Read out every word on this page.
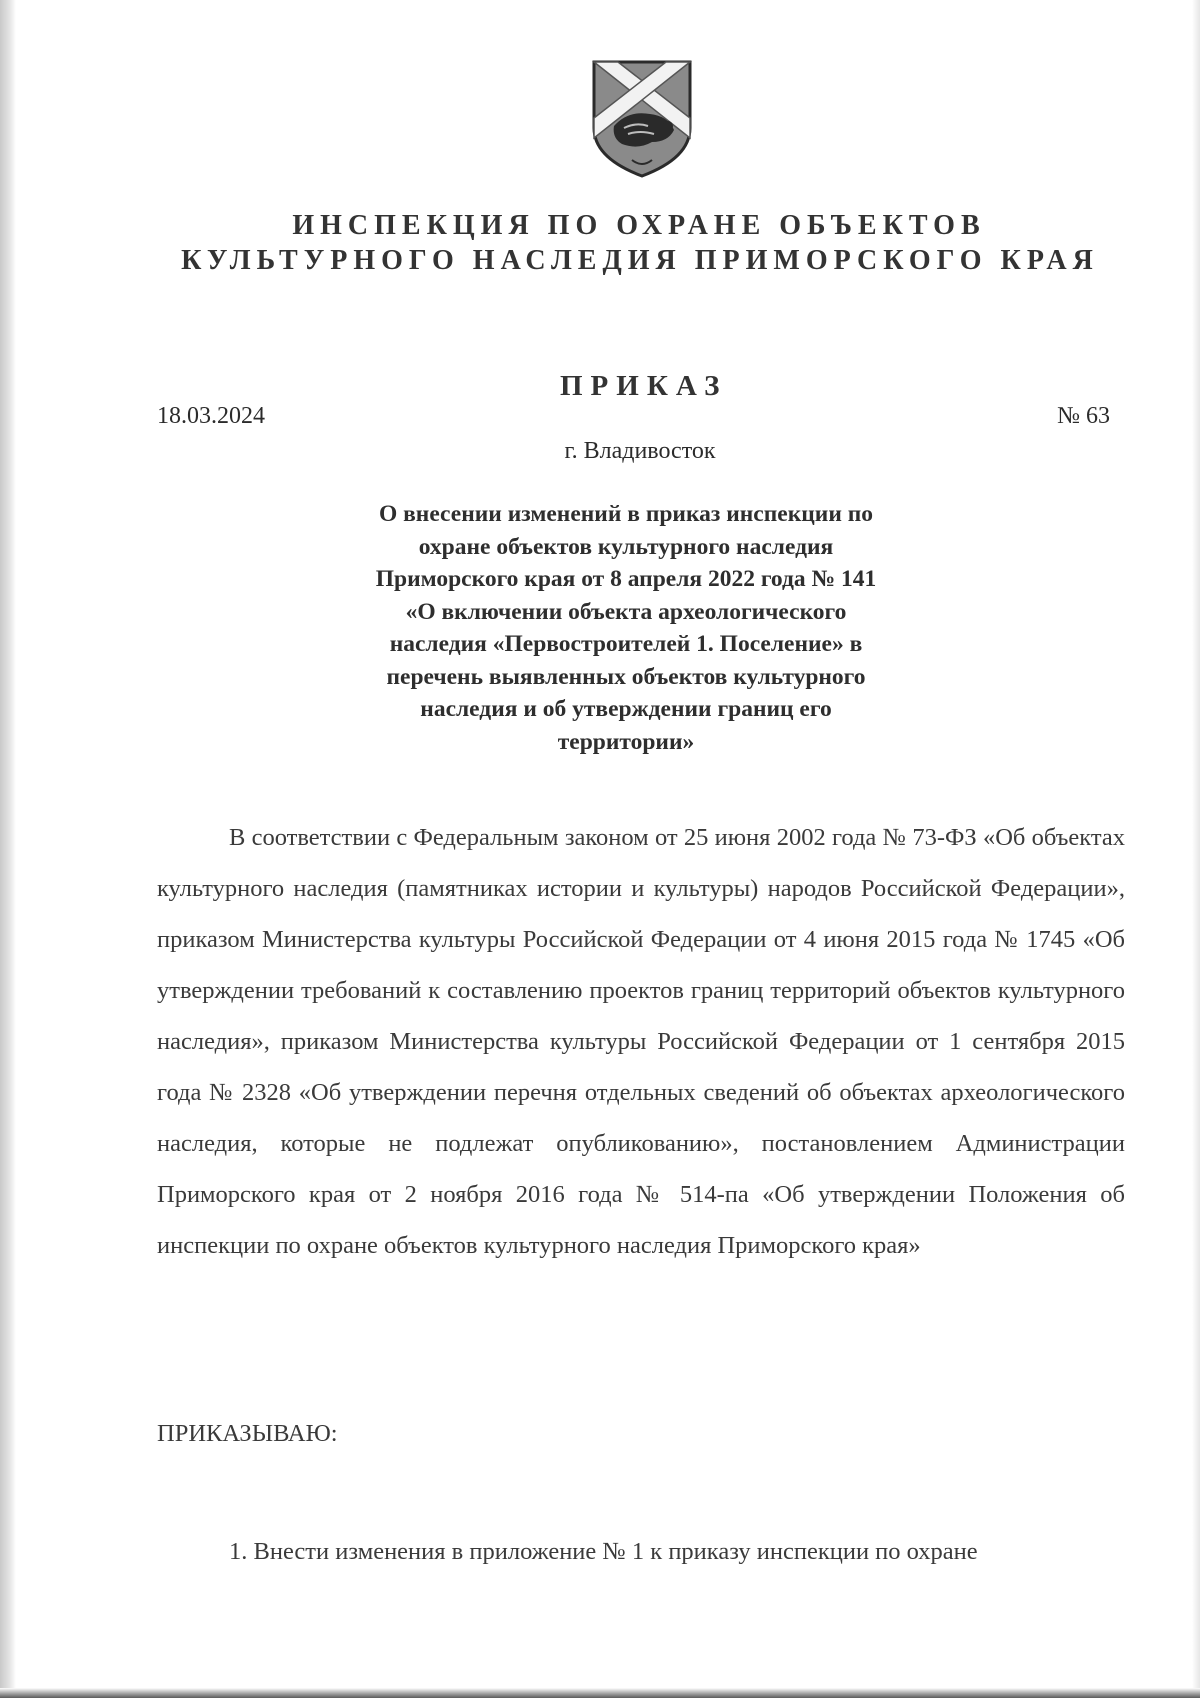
ИНСПЕКЦИЯ ПО ОХРАНЕ ОБЪЕКТОВ
КУЛЬТУРНОГО НАСЛЕДИЯ ПРИМОРСКОГО КРАЯ
ПРИКАЗ
18.03.2024	№ 63
г. Владивосток
О внесении изменений в приказ инспекции по
охране объектов культурного наследия
Приморского края от 8 апреля 2022 года № 141
«О включении объекта археологического
наследия «Первостроителей 1. Поселение» в
перечень выявленных объектов культурного
наследия и об утверждении границ его
территории»
В соответствии с Федеральным законом от 25 июня 2002 года № 73-ФЗ «Об объектах культурного наследия (памятниках истории и культуры) народов Российской Федерации», приказом Министерства культуры Российской Федерации от 4 июня 2015 года № 1745 «Об утверждении требований к составлению проектов границ территорий объектов культурного наследия», приказом Министерства культуры Российской Федерации от 1 сентября 2015 года № 2328 «Об утверждении перечня отдельных сведений об объектах археологического наследия, которые не подлежат опубликованию», постановлением Администрации Приморского края от 2 ноября 2016 года № 514-па «Об утверждении Положения об инспекции по охране объектов культурного наследия Приморского края»
ПРИКАЗЫВАЮ:
1. Внести изменения в приложение № 1 к приказу инспекции по охране
